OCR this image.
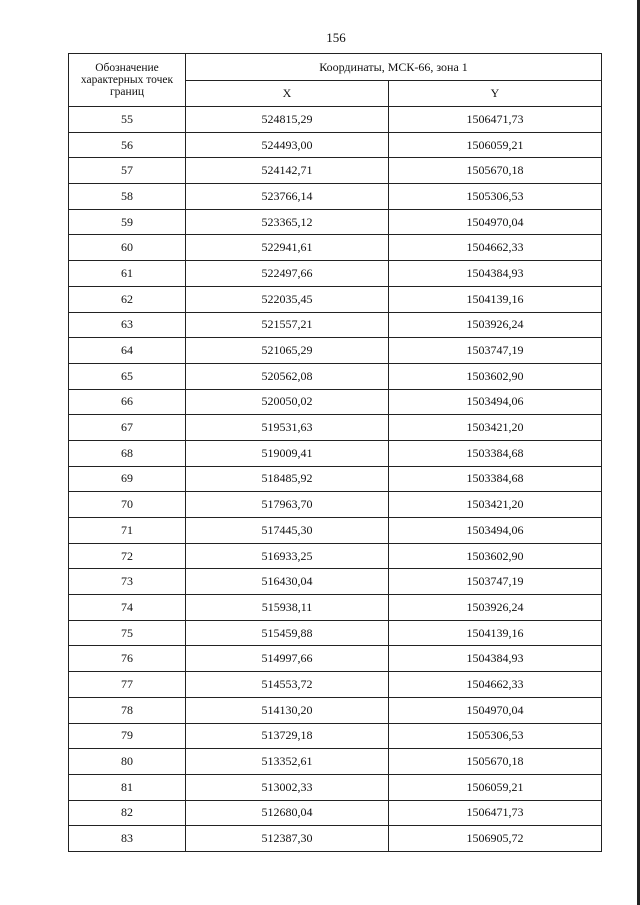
156
Обозначение характерных точек границ	Координаты, МСК-66, зона 1	
	X	Y
55	524815,29	1506471,73
56	524493,00	1506059,21
57	524142,71	1505670,18
58	523766,14	1505306,53
59	523365,12	1504970,04
60	522941,61	1504662,33
61	522497,66	1504384,93
62	522035,45	1504139,16
63	521557,21	1503926,24
64	521065,29	1503747,19
65	520562,08	1503602,90
66	520050,02	1503494,06
67	519531,63	1503421,20
68	519009,41	1503384,68
69	518485,92	1503384,68
70	517963,70	1503421,20
71	517445,30	1503494,06
72	516933,25	1503602,90
73	516430,04	1503747,19
74	515938,11	1503926,24
75	515459,88	1504139,16
76	514997,66	1504384,93
77	514553,72	1504662,33
78	514130,20	1504970,04
79	513729,18	1505306,53
80	513352,61	1505670,18
81	513002,33	1506059,21
82	512680,04	1506471,73
83	512387,30	1506905,72
